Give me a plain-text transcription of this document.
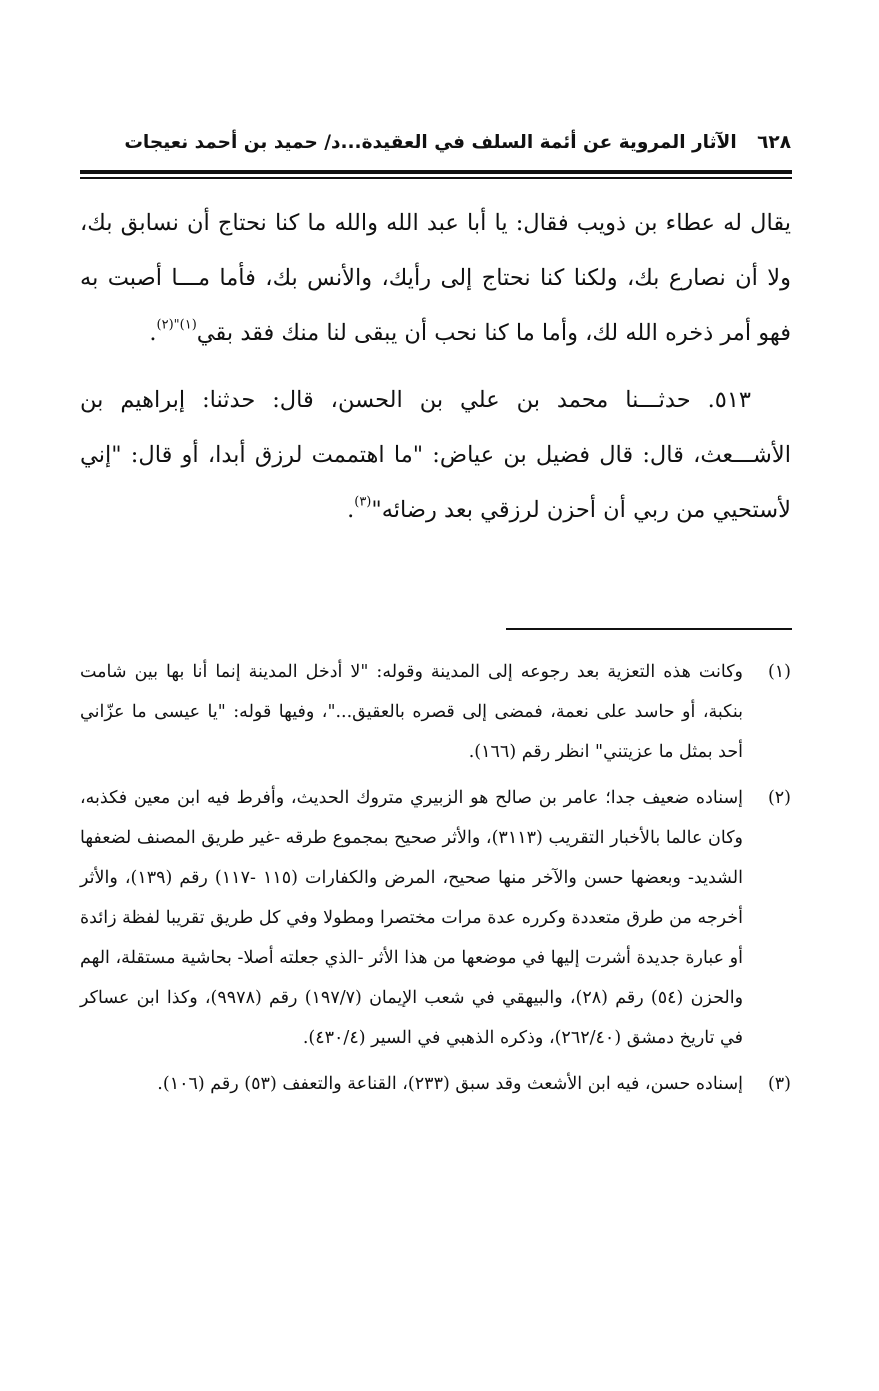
٦٢٨ الآثار المروية عن أئمة السلف في العقيدة...د/ حميد بن أحمد نعيجات

يقال له عطاء بن ذويب فقال: يا أبا عبد الله والله ما كنا نحتاج أن نسابق بك، ولا أن نصارع بك، ولكنا كنا نحتاج إلى رأيك، والأنس بك، فأما مـــا أصبت به فهو أمر ذخره الله لك، وأما ما كنا نحب أن يبقى لنا منك فقد بقي$^{(١)"(٢)}$.

٥١٣. حدثـــنا محمد بن علي بن الحسن، قال: حدثنا: إبراهيم بن الأشـــعث، قال: قال فضيل بن عياض: "ما اهتممت لرزق أبدا، أو قال: "إني لأستحيي من ربي أن أحزن لرزقي بعد رضائه"$^{(٣)}$.

(١)
وكانت هذه التعزية بعد رجوعه إلى المدينة وقوله: "لا أدخل المدينة إنما أنا بها بين شامت بنكبة، أو حاسد على نعمة، فمضى إلى قصره بالعقيق..."، وفيها قوله: "يا عيسى ما عزّاني أحد بمثل ما عزيتني" انظر رقم (١٦٦).

(٢)
إسناده ضعيف جدا؛ عامر بن صالح هو الزبيري متروك الحديث، وأفرط فيه ابن معين فكذبه، وكان عالما بالأخبار التقريب (٣١١٣)، والأثر صحيح بمجموع طرقه -غير طريق المصنف لضعفها الشديد- وبعضها حسن والآخر منها صحيح، المرض والكفارات (١١٥ -١١٧) رقم (١٣٩)، والأثر أخرجه من طرق متعددة وكرره عدة مرات مختصرا ومطولا وفي كل طريق تقريبا لفظة زائدة أو عبارة جديدة أشرت إليها في موضعها من هذا الأثر -الذي جعلته أصلا- بحاشية مستقلة، الهم والحزن (٥٤) رقم (٢٨)، والبيهقي في شعب الإيمان (١٩٧/٧) رقم (٩٩٧٨)، وكذا ابن عساكر في تاريخ دمشق (٢٦٢/٤٠)، وذكره الذهبي في السير (٤٣٠/٤).

(٣)
إسناده حسن، فيه ابن الأشعث وقد سبق (٢٣٣)، القناعة والتعفف (٥٣) رقم (١٠٦).
